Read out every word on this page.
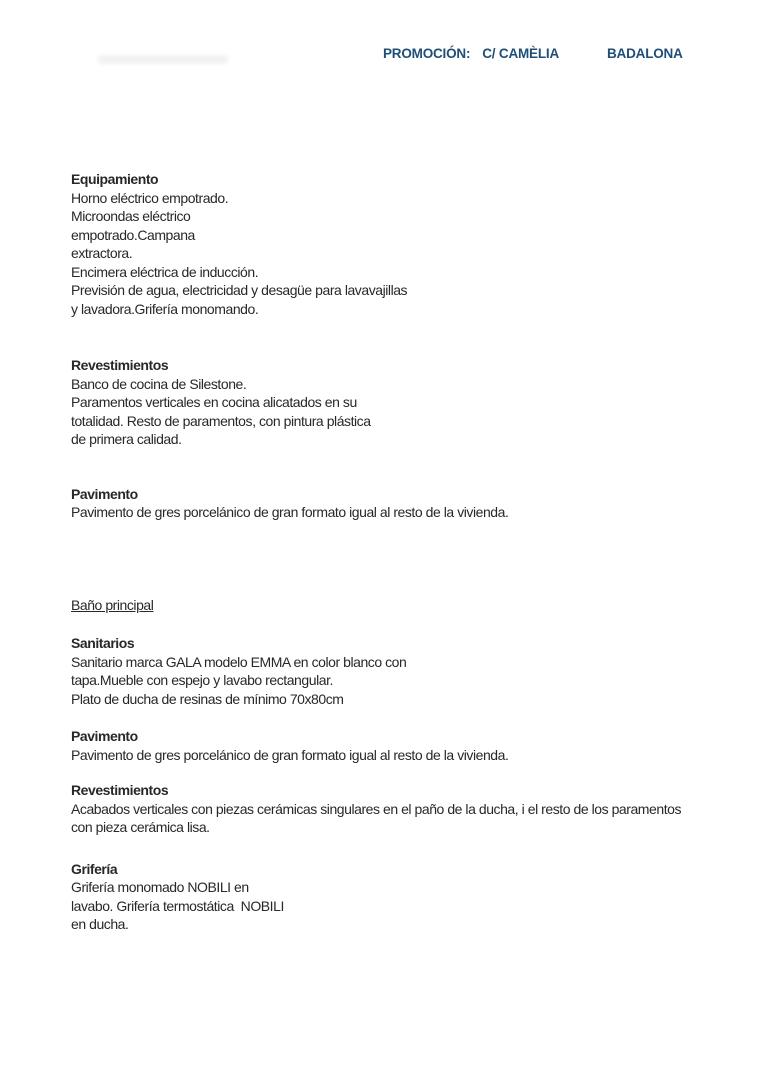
PROMOCIÓN: C/ CAMÈLIA	BADALONA
Equipamiento
Horno eléctrico empotrado.
Microondas eléctrico
empotrado.Campana
extractora.
Encimera eléctrica de inducción.
Previsión de agua, electricidad y desagüe para lavavajillas
y lavadora.Grifería monomando.
Revestimientos
Banco de cocina de Silestone.
Paramentos verticales en cocina alicatados en su
totalidad. Resto de paramentos, con pintura plástica
de primera calidad.
Pavimento
Pavimento de gres porcelánico de gran formato igual al resto de la vivienda.
Baño principal
Sanitarios
Sanitario marca GALA modelo EMMA en color blanco con
tapa.Mueble con espejo y lavabo rectangular.
Plato de ducha de resinas de mínimo 70x80cm
Pavimento
Pavimento de gres porcelánico de gran formato igual al resto de la vivienda.
Revestimientos
Acabados verticales con piezas cerámicas singulares en el paño de la ducha, i el resto de los paramentos
con pieza cerámica lisa.
Grifería
Grifería monomado NOBILI en
lavabo. Grifería termostática  NOBILI
en ducha.
